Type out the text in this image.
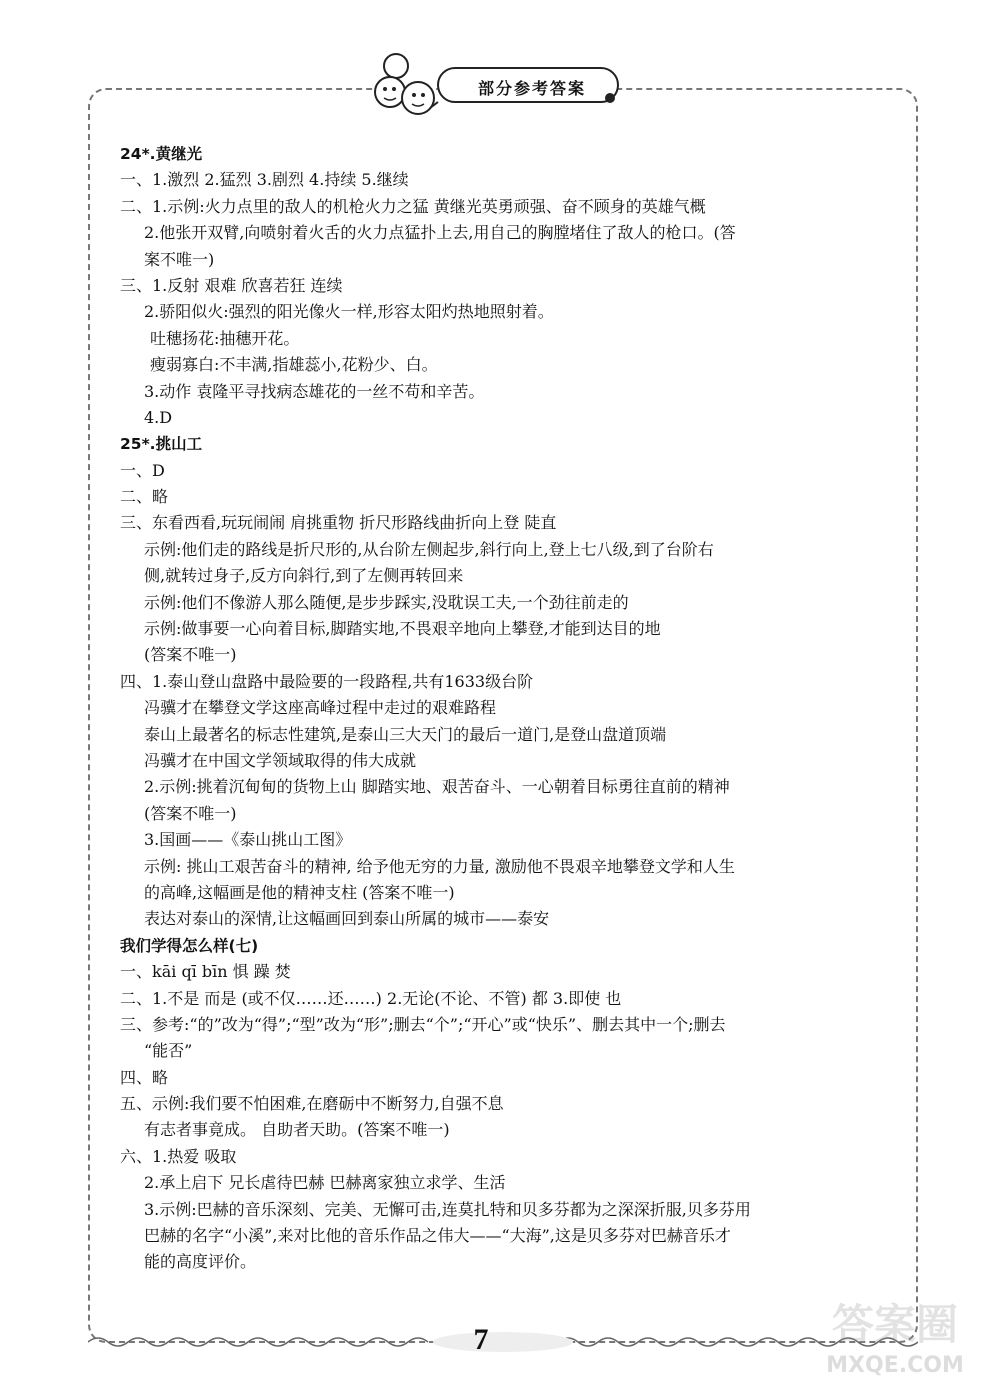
部分参考答案
24*.黄继光
一、1.激烈 2.猛烈 3.剧烈 4.持续 5.继续
二、1.示例:火力点里的敌人的机枪火力之猛 黄继光英勇顽强、奋不顾身的英雄气概
2.他张开双臂,向喷射着火舌的火力点猛扑上去,用自己的胸膛堵住了敌人的枪口。(答
案不唯一)
三、1.反射 艰难 欣喜若狂 连续
2.骄阳似火:强烈的阳光像火一样,形容太阳灼热地照射着。
吐穗扬花:抽穗开花。
瘦弱寡白:不丰满,指雄蕊小,花粉少、白。
3.动作 袁隆平寻找病态雄花的一丝不苟和辛苦。
4.D
25*.挑山工
一、D
二、略
三、东看西看,玩玩闹闹 肩挑重物 折尺形路线曲折向上登 陡直
示例:他们走的路线是折尺形的,从台阶左侧起步,斜行向上,登上七八级,到了台阶右
侧,就转过身子,反方向斜行,到了左侧再转回来
示例:他们不像游人那么随便,是步步踩实,没耽误工夫,一个劲往前走的
示例:做事要一心向着目标,脚踏实地,不畏艰辛地向上攀登,才能到达目的地
(答案不唯一)
四、1.泰山登山盘路中最险要的一段路程,共有1633级台阶
冯骥才在攀登文学这座高峰过程中走过的艰难路程
泰山上最著名的标志性建筑,是泰山三大天门的最后一道门,是登山盘道顶端
冯骥才在中国文学领域取得的伟大成就
2.示例:挑着沉甸甸的货物上山 脚踏实地、艰苦奋斗、一心朝着目标勇往直前的精神
(答案不唯一)
3.国画——《泰山挑山工图》
示例: 挑山工艰苦奋斗的精神, 给予他无穷的力量, 激励他不畏艰辛地攀登文学和人生
的高峰,这幅画是他的精神支柱 (答案不唯一)
表达对泰山的深情,让这幅画回到泰山所属的城市——泰安
我们学得怎么样(七)
一、kāi qī bīn 惧 躁 焚
二、1.不是 而是 (或不仅……还……) 2.无论(不论、不管) 都 3.即使 也
三、参考:“的”改为“得”;“型”改为“形”;删去“个”;“开心”或“快乐”、删去其中一个;删去
“能否”
四、略
五、示例:我们要不怕困难,在磨砺中不断努力,自强不息
有志者事竟成。 自助者天助。(答案不唯一)
六、1.热爱 吸取
2.承上启下 兄长虐待巴赫 巴赫离家独立求学、生活
3.示例:巴赫的音乐深刻、完美、无懈可击,连莫扎特和贝多芬都为之深深折服,贝多芬用
巴赫的名字“小溪”,来对比他的音乐作品之伟大——“大海”,这是贝多芬对巴赫音乐才
能的高度评价。
7	答案圈
MXQE.COM
